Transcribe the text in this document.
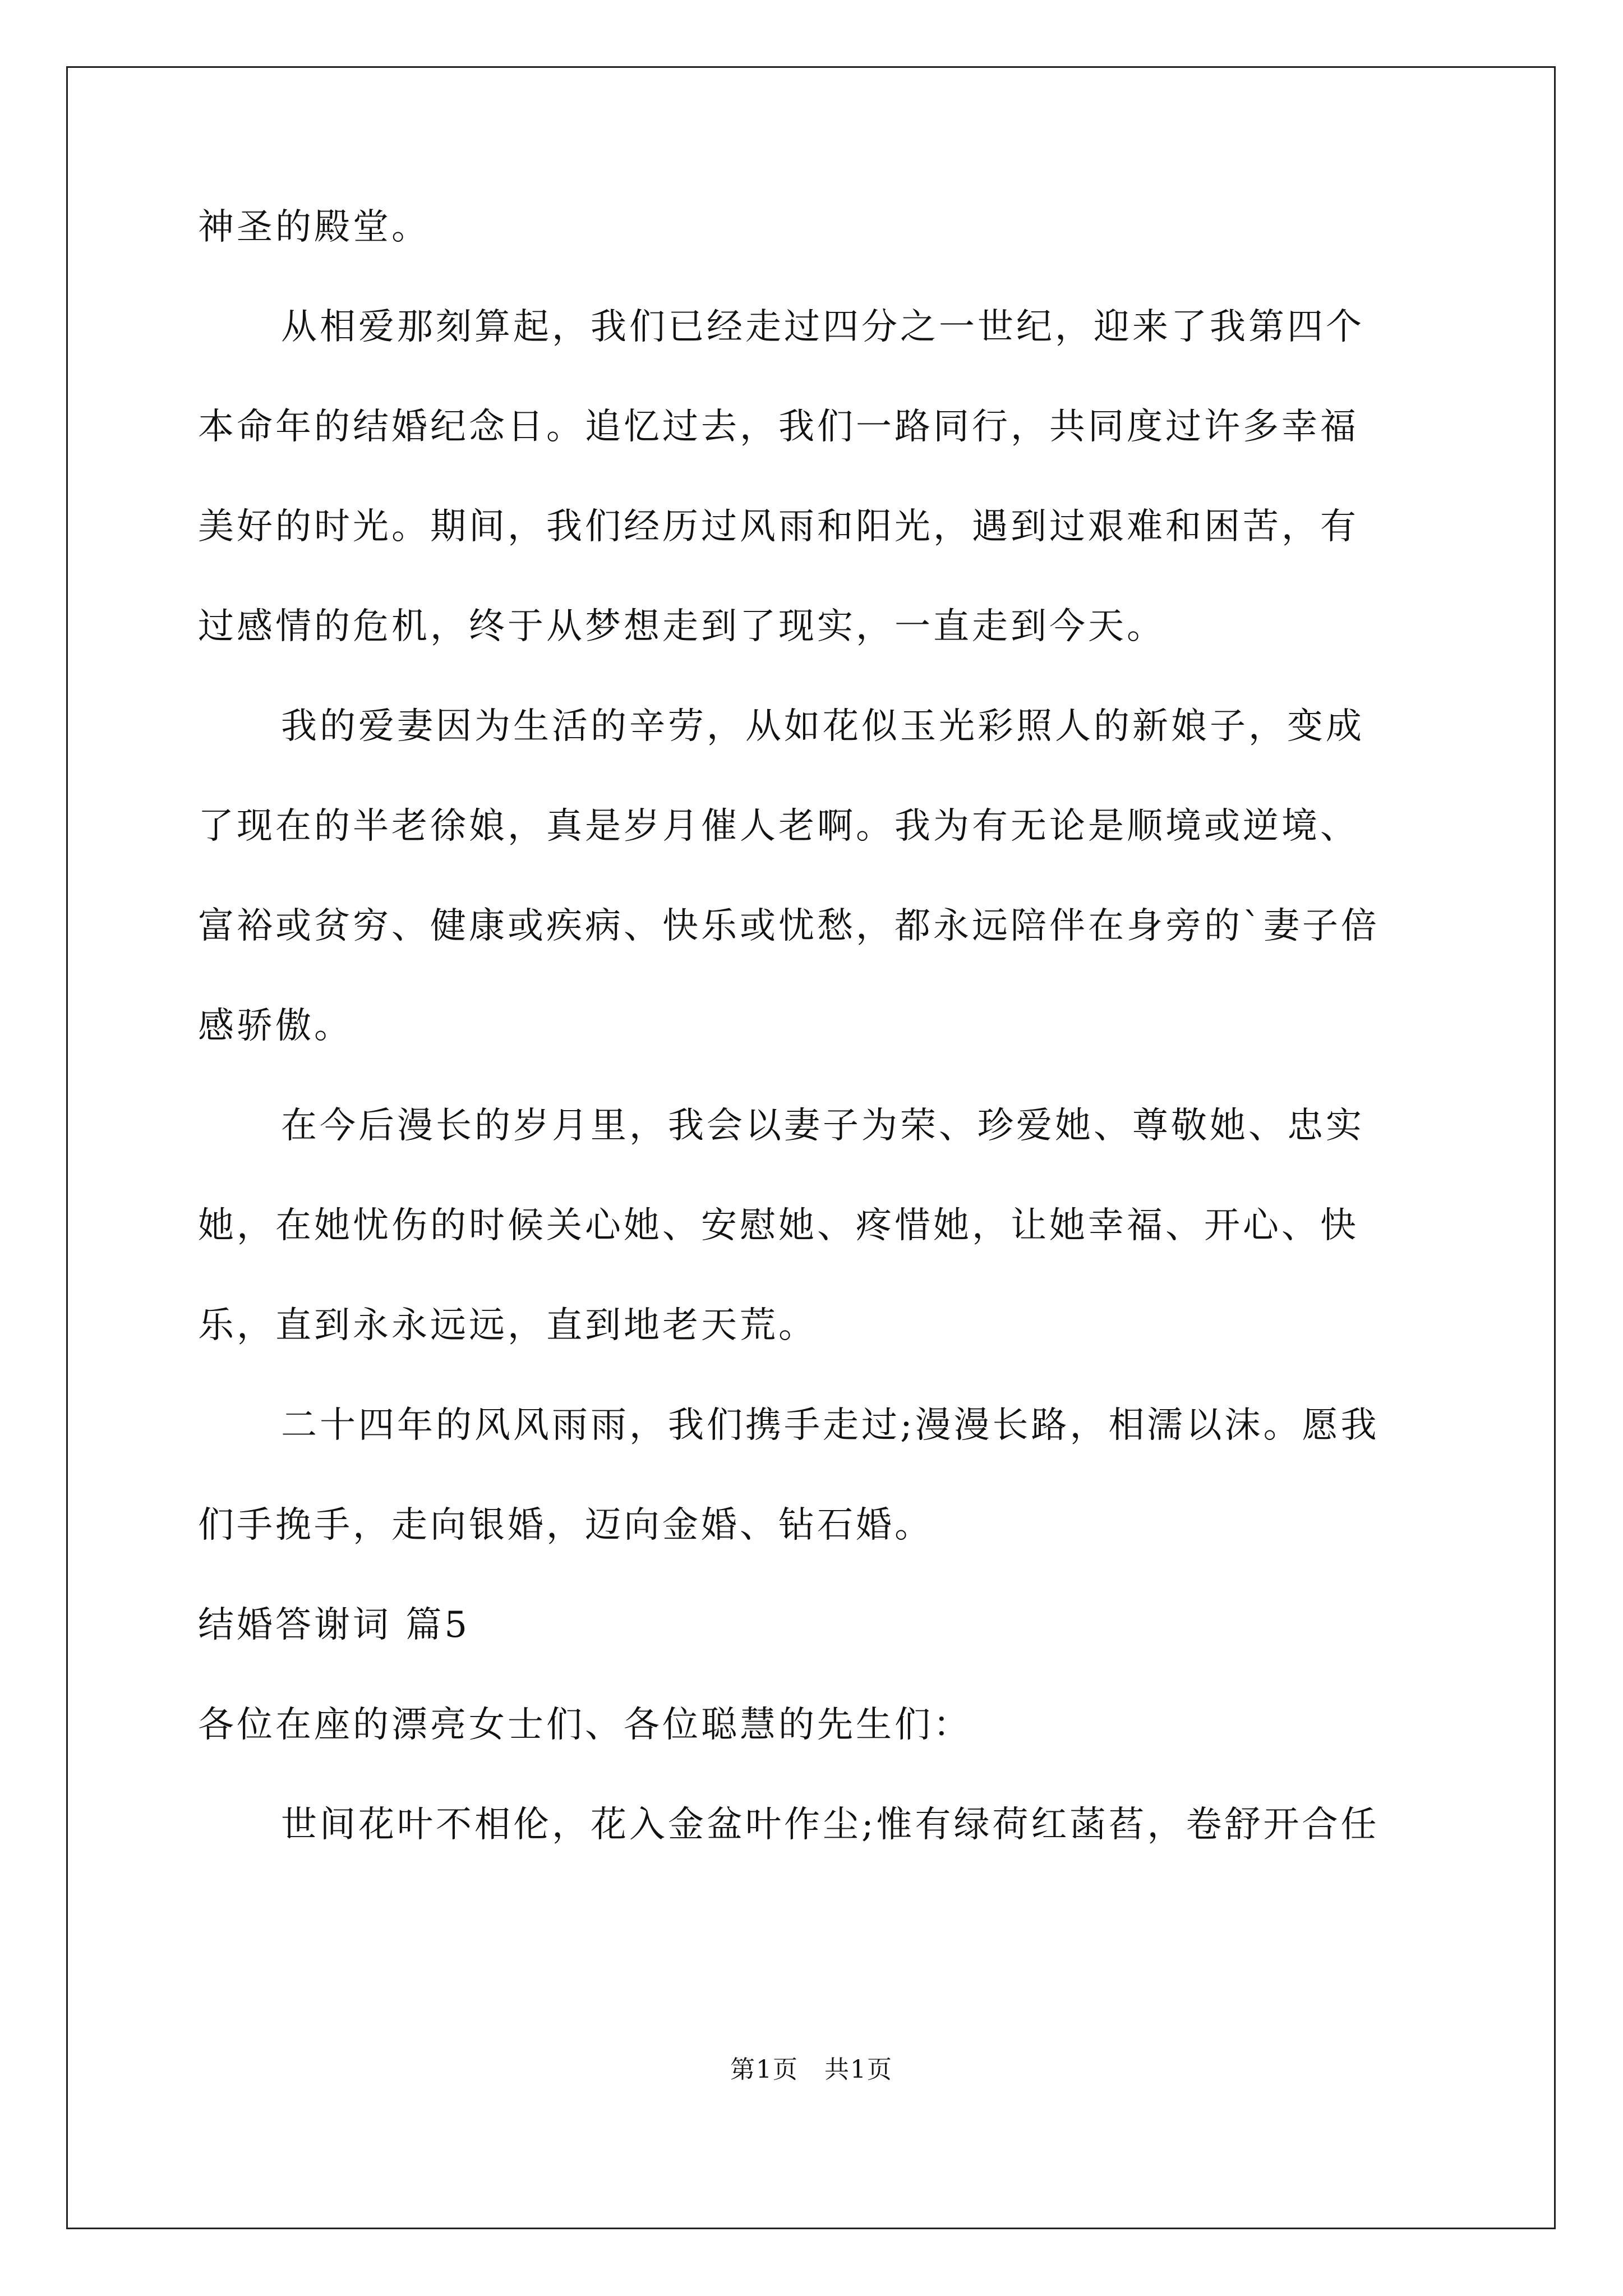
神圣的殿堂。
从相爱那刻算起，我们已经走过四分之一世纪，迎来了我第四个
本命年的结婚纪念日。追忆过去，我们一路同行，共同度过许多幸福
美好的时光。期间，我们经历过风雨和阳光，遇到过艰难和困苦，有
过感情的危机，终于从梦想走到了现实，一直走到今天。
我的爱妻因为生活的辛劳，从如花似玉光彩照人的新娘子，变成
了现在的半老徐娘，真是岁月催人老啊。我为有无论是顺境或逆境、
富裕或贫穷、健康或疾病、快乐或忧愁，都永远陪伴在身旁的`妻子倍
感骄傲。
在今后漫长的岁月里，我会以妻子为荣、珍爱她、尊敬她、忠实
她，在她忧伤的时候关心她、安慰她、疼惜她，让她幸福、开心、快
乐，直到永永远远，直到地老天荒。
二十四年的风风雨雨，我们携手走过;漫漫长路，相濡以沫。愿我
们手挽手，走向银婚，迈向金婚、钻石婚。
结婚答谢词 篇5
各位在座的漂亮女士们、各位聪慧的先生们：
世间花叶不相伦，花入金盆叶作尘;惟有绿荷红菡萏，卷舒开合任
第1页　共1页
